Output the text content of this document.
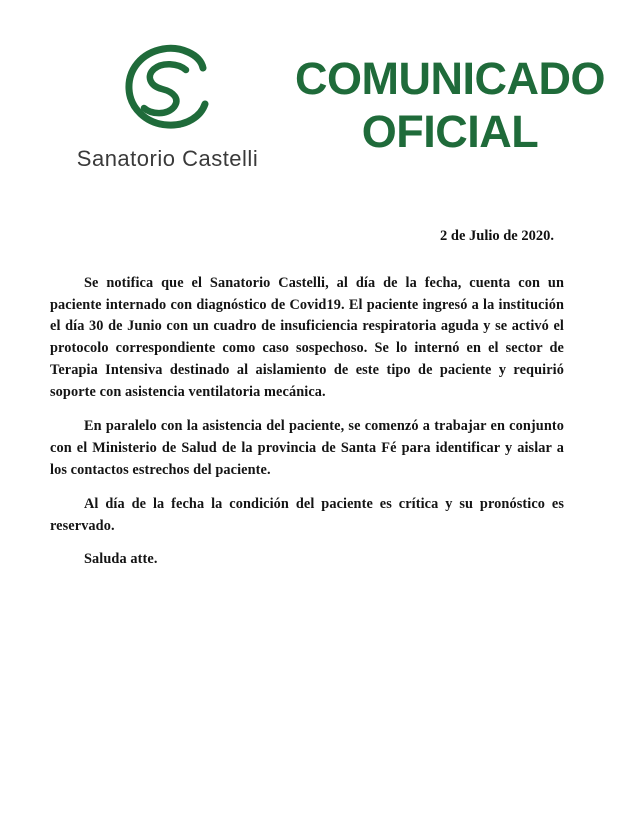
Sanatorio Castelli
COMUNICADO
OFICIAL
2 de Julio de 2020.

Se notifica que el Sanatorio Castelli, al día de la fecha, cuenta con un paciente internado con diagnóstico de Covid19. El paciente ingresó a la institución el día 30 de Junio con un cuadro de insuficiencia respiratoria aguda y se activó el protocolo correspondiente como caso sospechoso. Se lo internó en el sector de Terapia Intensiva destinado al aislamiento de este tipo de paciente y requirió soporte con asistencia ventilatoria mecánica.

En paralelo con la asistencia del paciente, se comenzó a trabajar en conjunto con el Ministerio de Salud de la provincia de Santa Fé para identificar y aislar a los contactos estrechos del paciente.

Al día de la fecha la condición del paciente es crítica y su pronóstico es reservado.

Saluda atte.
